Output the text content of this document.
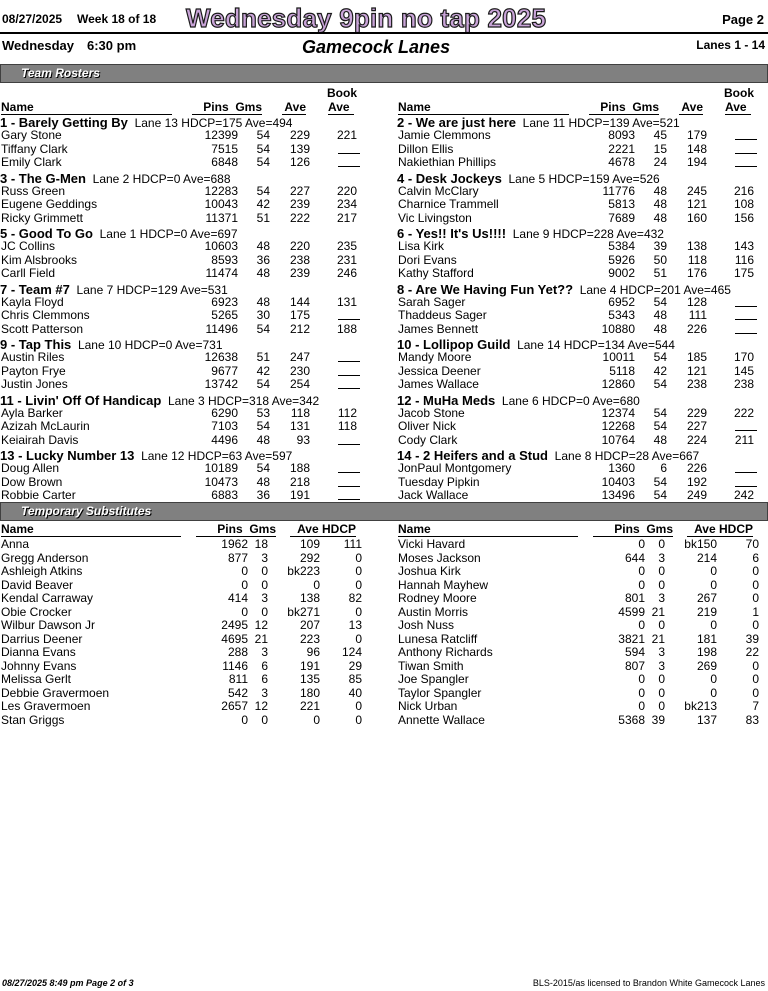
08/27/2025 Week 18 of 18 Wednesday 9pin no tap 2025	Page 2
Wednesday 6:30 pm	Gamecock Lanes	Lanes 1 - 14
Team Rosters
Book
Name	Pins Gms Ave Ave
1 - Barely Getting By Lane 13 HDCP=175 Ave=494
Gary Stone	12399 54 229 221
Tiffany Clark	7515 54 139
Emily Clark	6848 54 126
3 - The G-Men Lane 2 HDCP=0 Ave=688
Russ Green	12283 54 227 220
Eugene Geddings	10043 42 239 234
Ricky Grimmett	11371 51 222 217
5 - Good To Go Lane 1 HDCP=0 Ave=697
JC Collins	10603 48 220 235
Kim Alsbrooks	8593 36 238 231
Carll Field	11474 48 239 246
7 - Team #7 Lane 7 HDCP=129 Ave=531
Kayla Floyd	6923 48 144 131
Chris Clemmons	5265 30 175
Scott Patterson	11496 54 212 188
9 - Tap This Lane 10 HDCP=0 Ave=731
Austin Riles	12638 51 247
Payton Frye	9677 42 230
Justin Jones	13742 54 254
11 - Livin' Off Of Handicap Lane 3 HDCP=318 Ave=342
Ayla Barker	6290 53 118 112
Azizah McLaurin	7103 54 131 118
Keiairah Davis	4496 48 93
13 - Lucky Number 13 Lane 12 HDCP=63 Ave=597
Doug Allen	10189 54 188
Dow Brown	10473 48 218
Robbie Carter	6883 36 191
Book
Name	Pins Gms Ave Ave
2 - We are just here Lane 11 HDCP=139 Ave=521
Jamie Clemmons	8093 45 179
Dillon Ellis	2221 15 148
Nakiethian Phillips	4678 24 194
4 - Desk Jockeys Lane 5 HDCP=159 Ave=526
Calvin McClary	11776 48 245 216
Charnice Trammell	5813 48 121 108
Vic Livingston	7689 48 160 156
6 - Yes!! It's Us!!!! Lane 9 HDCP=228 Ave=432
Lisa Kirk	5384 39 138 143
Dori Evans	5926 50 118 116
Kathy Stafford	9002 51 176 175
8 - Are We Having Fun Yet?? Lane 4 HDCP=201 Ave=465
Sarah Sager	6952 54 128
Thaddeus Sager	5343 48 111
James Bennett	10880 48 226
10 - Lollipop Guild Lane 14 HDCP=134 Ave=544
Mandy Moore	10011 54 185 170
Jessica Deener	5118 42 121 145
James Wallace	12860 54 238 238
12 - MuHa Meds Lane 6 HDCP=0 Ave=680
Jacob Stone	12374 54 229 222
Oliver Nick	12268 54 227
Cody Clark	10764 48 224 211
14 - 2 Heifers and a Stud Lane 8 HDCP=28 Ave=667
JonPaul Montgomery	1360 6 226
Tuesday Pipkin	10403 54 192
Jack Wallace	13496 54 249 242
Temporary Substitutes
Name	Pins Gms	Ave HDCP
Anna	1962 18	109 111
Gregg Anderson	877 3	292	0
Ashleigh Atkins	0 0 bk223	0
David Beaver	0 0	0	0
Kendal Carraway	414 3	138 82
Obie Crocker	0 0 bk271	0
Wilbur Dawson Jr	2495 12	207 13
Darrius Deener	4695 21	223	0
Dianna Evans	288 3	96 124
Johnny Evans	1146 6	191 29
Melissa Gerlt	811 6	135 85
Debbie Gravermoen	542 3	180 40
Les Gravermoen	2657 12	221	0
Stan Griggs	0 0	0	0
Name	Pins Gms	Ave HDCP
Vicki Havard	0 0 bk150 70
Moses Jackson	644 3	214	6
Joshua Kirk	0 0	0	0
Hannah Mayhew	0 0	0	0
Rodney Moore	801 3	267	0
Austin Morris	4599 21	219	1
Josh Nuss	0 0	0	0
Lunesa Ratcliff	3821 21	181 39
Anthony Richards	594 3	198 22
Tiwan Smith	807 3	269	0
Joe Spangler	0 0	0	0
Taylor Spangler	0 0	0	0
Nick Urban	0 0 bk213	7
Annette Wallace	5368 39	137 83
08/27/2025 8:49 pm Page 2 of 3	BLS-2015/as licensed to Brandon White Gamecock Lanes
